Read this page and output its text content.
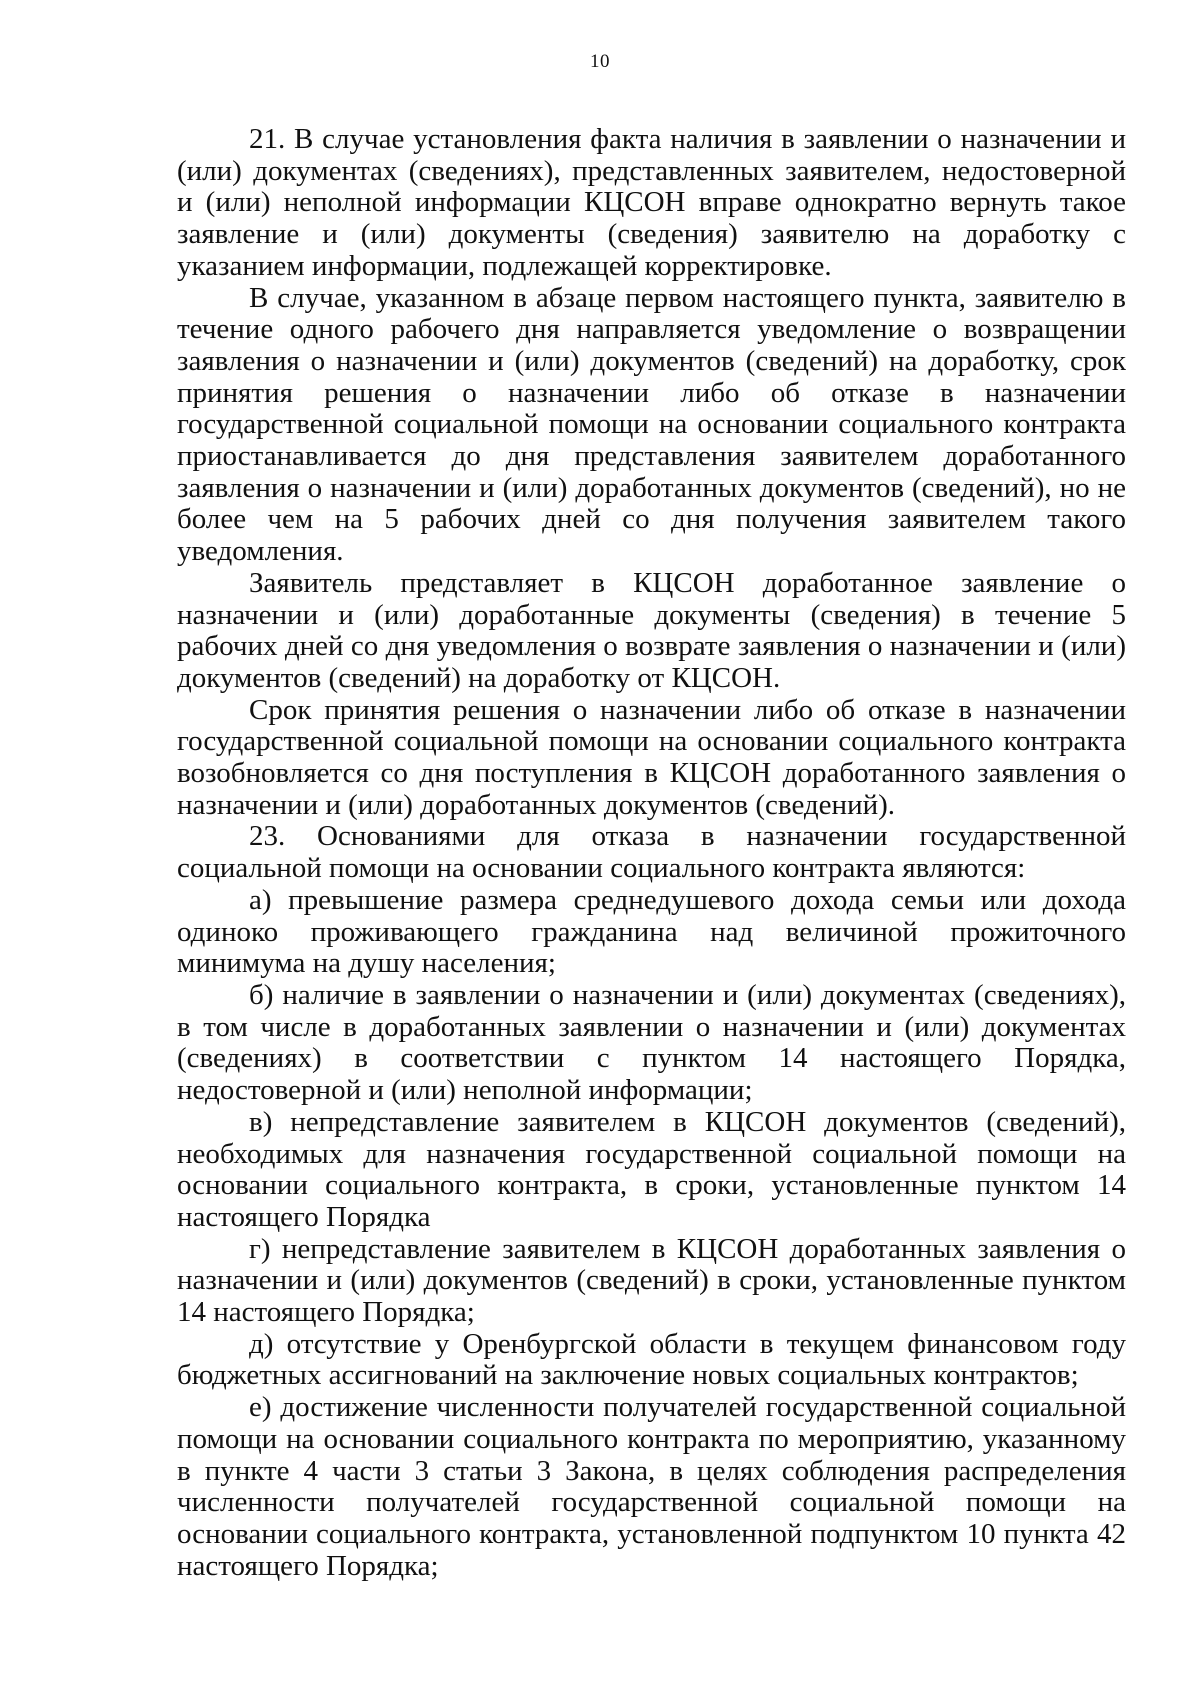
10

21. В случае установления факта наличия в заявлении о назначении и (или) документах (сведениях), представленных заявителем, недостоверной и (или) неполной информации КЦСОН вправе однократно вернуть такое заявление и (или) документы (сведения) заявителю на доработку с указанием информации, подлежащей корректировке.

В случае, указанном в абзаце первом настоящего пункта, заявителю в течение одного рабочего дня направляется уведомление о возвращении заявления о назначении и (или) документов (сведений) на доработку, срок принятия решения о назначении либо об отказе в назначении государственной социальной помощи на основании социального контракта приостанавливается до дня представления заявителем доработанного заявления о назначении и (или) доработанных документов (сведений), но не более чем на 5 рабочих дней со дня получения заявителем такого уведомления.

Заявитель представляет в КЦСОН доработанное заявление о назначении и (или) доработанные документы (сведения) в течение 5 рабочих дней со дня уведомления о возврате заявления о назначении и (или) документов (сведений) на доработку от КЦСОН.

Срок принятия решения о назначении либо об отказе в назначении государственной социальной помощи на основании социального контракта возобновляется со дня поступления в КЦСОН доработанного заявления о назначении и (или) доработанных документов (сведений).

23. Основаниями для отказа в назначении государственной социальной помощи на основании социального контракта являются:

а) превышение размера среднедушевого дохода семьи или дохода одиноко проживающего гражданина над величиной прожиточного минимума на душу населения;

б) наличие в заявлении о назначении и (или) документах (сведениях), в том числе в доработанных заявлении о назначении и (или) документах (сведениях) в соответствии с пунктом 14 настоящего Порядка, недостоверной и (или) неполной информации;

в) непредставление заявителем в КЦСОН документов (сведений), необходимых для назначения государственной социальной помощи на основании социального контракта, в сроки, установленные пунктом 14 настоящего Порядка

г) непредставление заявителем в КЦСОН доработанных заявления о назначении и (или) документов (сведений) в сроки, установленные пунктом 14 настоящего Порядка;

д) отсутствие у Оренбургской области в текущем финансовом году бюджетных ассигнований на заключение новых социальных контрактов;

е) достижение численности получателей государственной социальной помощи на основании социального контракта по мероприятию, указанному в пункте 4 части 3 статьи 3 Закона, в целях соблюдения распределения численности получателей государственной социальной помощи на основании социального контракта, установленной подпунктом 10 пункта 42 настоящего Порядка;
